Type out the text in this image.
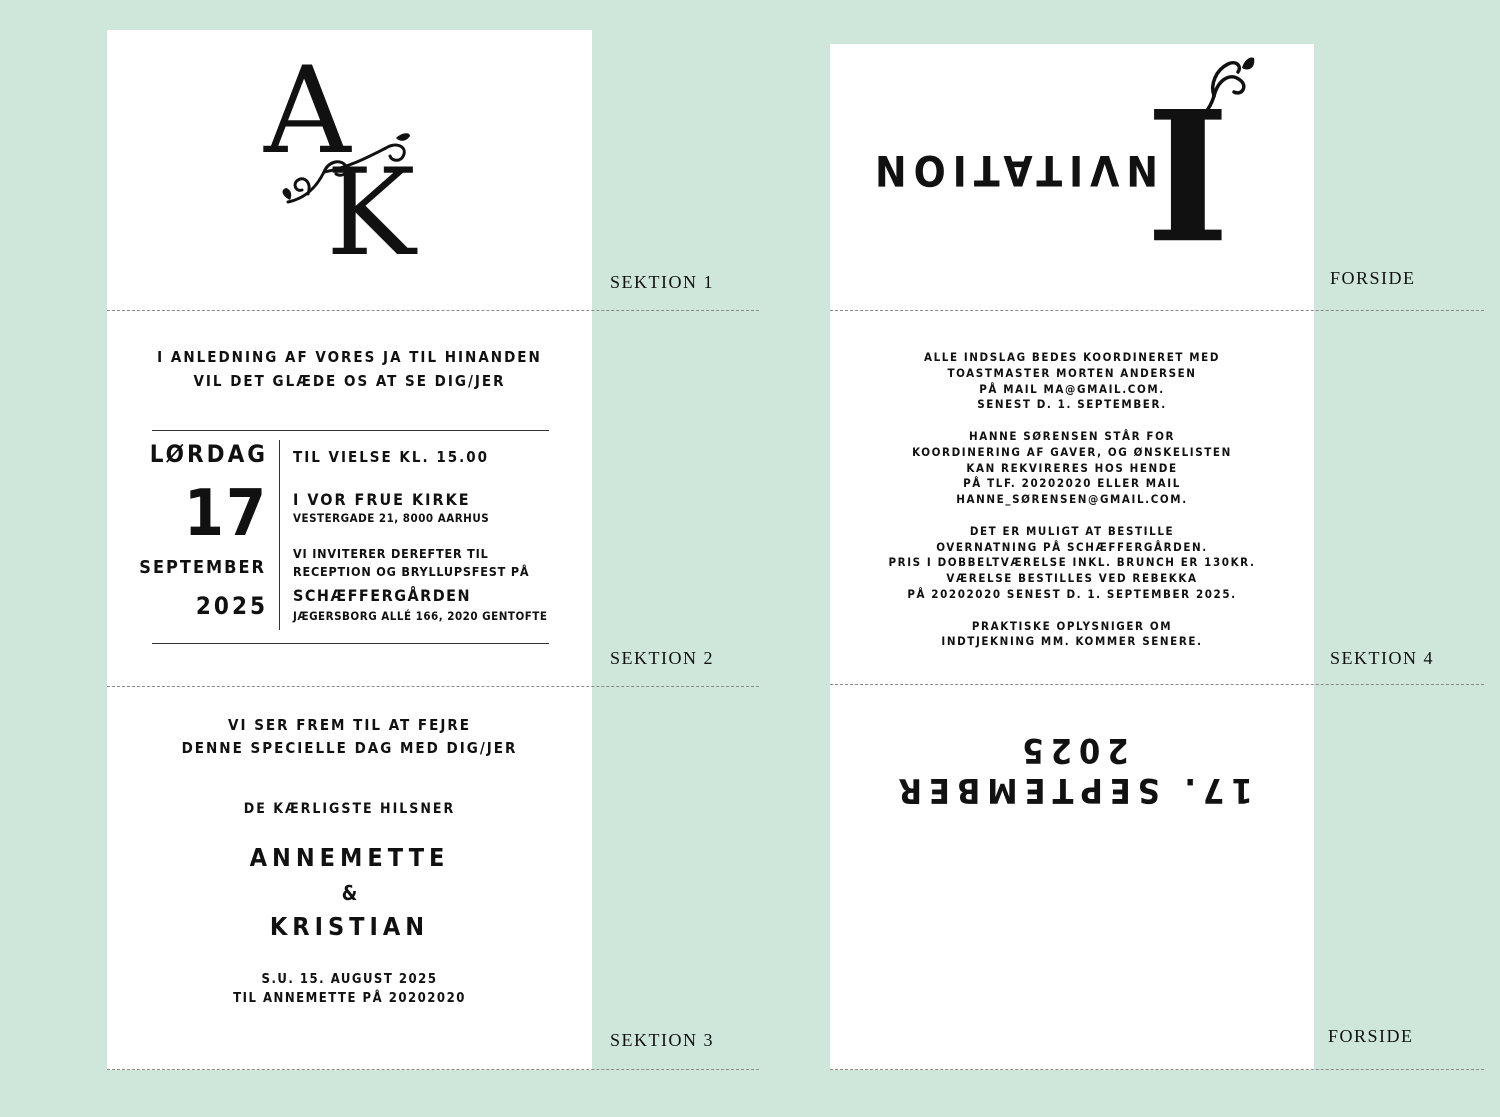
SEKTION 1
SEKTION 2
SEKTION 3
SEKTION 4
FORSIDE
FORSIDE
A
K
I ANLEDNING AF VORES JA TIL HINANDEN
VIL DET GLÆDE OS AT SE DIG/JER
LØRDAG
17
SEPTEMBER
2025
TIL VIELSE KL. 15.00
I VOR FRUE KIRKE
VESTERGADE 21, 8000 AARHUS
VI INVITERER DEREFTER TIL
RECEPTION OG BRYLLUPSFEST PÅ
SCHÆFFERGÅRDEN
JÆGERSBORG ALLÉ 166, 2020 GENTOFTE
VI SER FREM TIL AT FEJRE
DENNE SPECIELLE DAG MED DIG/JER
DE KÆRLIGSTE HILSNER
ANNEMETTE
&
KRISTIAN
S.U. 15. AUGUST 2025
TIL ANNEMETTE PÅ 20202020
I
NVITATION

ALLE INDSLAG BEDES KOORDINERET MED
TOASTMASTER MORTEN ANDERSEN
PÅ MAIL MA@GMAIL.COM.
SENEST D. 1. SEPTEMBER.

HANNE SØRENSEN STÅR FOR
KOORDINERING AF GAVER, OG ØNSKELISTEN
KAN REKVIRERES HOS HENDE
PÅ TLF. 20202020 ELLER MAIL
HANNE_SØRENSEN@GMAIL.COM.

DET ER MULIGT AT BESTILLE
OVERNATNING PÅ SCHÆFFERGÅRDEN.
PRIS I DOBBELTVÆRELSE INKL. BRUNCH ER 130KR.
VÆRELSE BESTILLES VED REBEKKA
PÅ 20202020 SENEST D. 1. SEPTEMBER 2025.

PRAKTISKE OPLYSNIGER OM
INDTJEKNING MM. KOMMER SENERE.

17. SEPTEMBER 2025
